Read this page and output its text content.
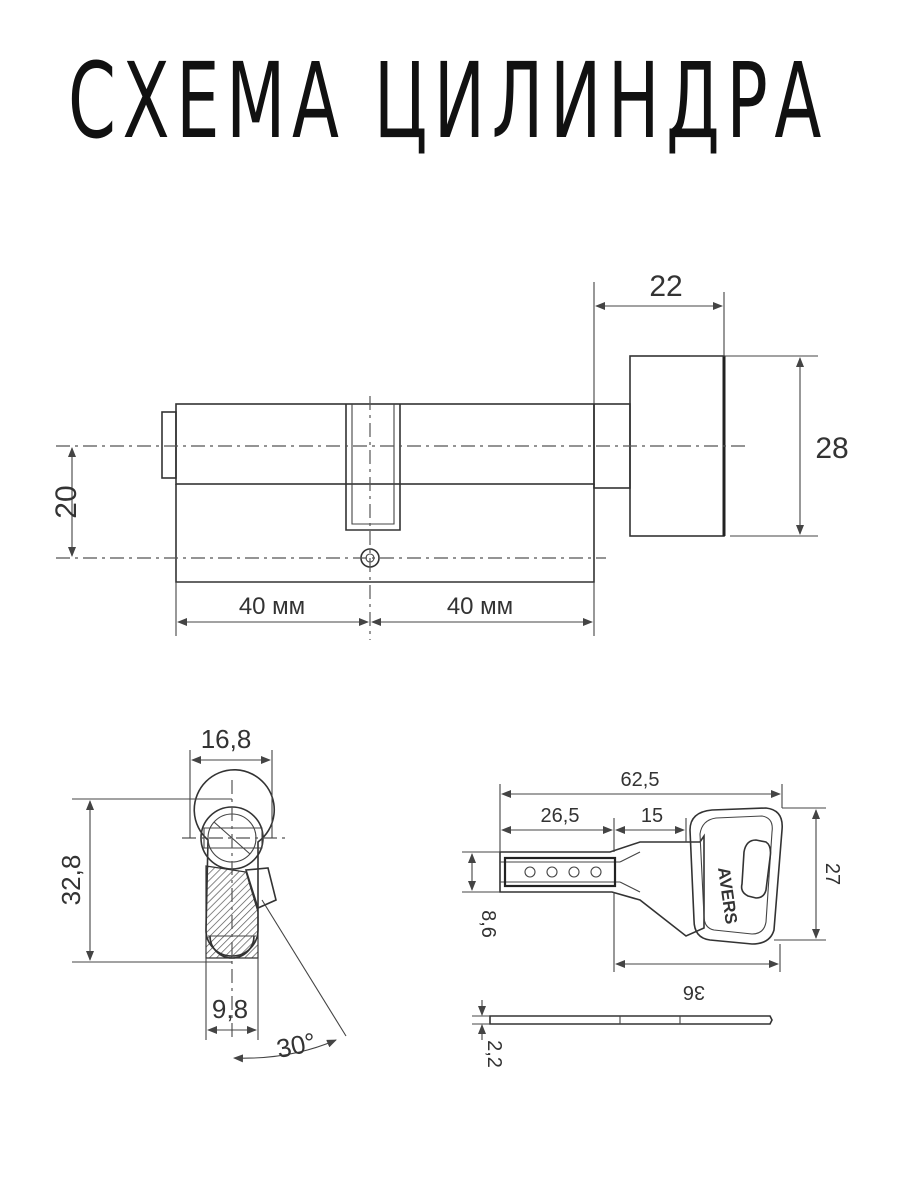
СХЕМА ЦИЛИНДРА
22
28
20
40 мм	40 мм
16,8
32,8
9,8
30°
AVERS
62,5
26,5	15
27
8,6
36
2,2
